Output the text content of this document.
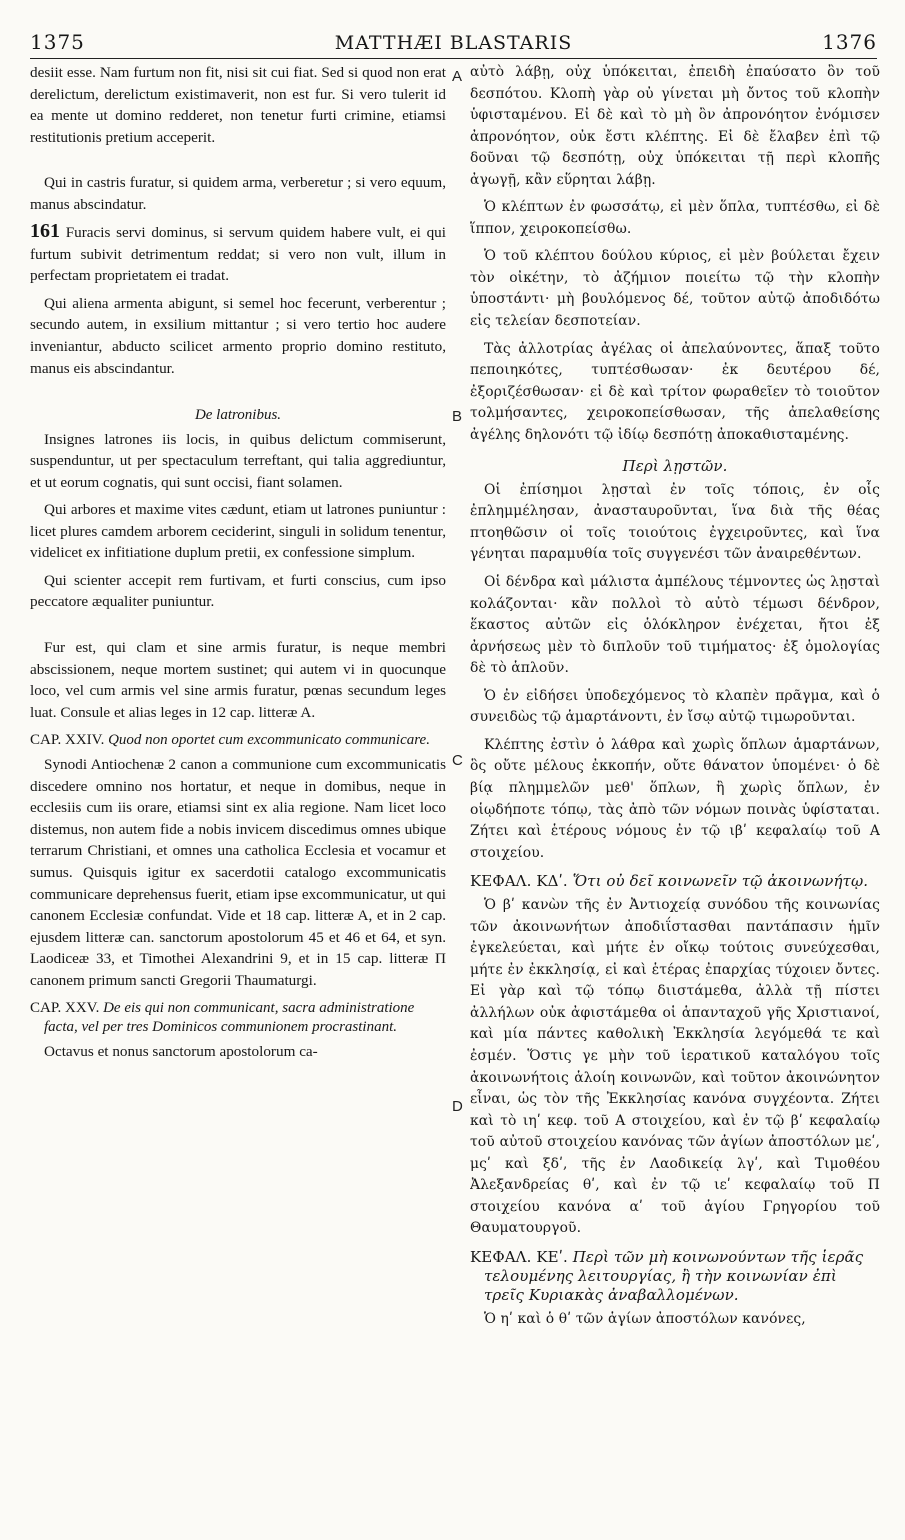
1375	MATTHÆI BLASTARIS	1376
A
B
C
D

desiit esse. Nam furtum non fit, nisi sit cui fiat. Sed si quod non erat derelictum, derelictum existimaverit, non est fur. Si vero tulerit id ea mente ut domino redderet, non tenetur furti crimine, etiamsi restitutionis pretium acceperit.

Qui in castris furatur, si quidem arma, verberetur ; si vero equum, manus abscindatur.

161 Furacis servi dominus, si servum quidem habere vult, ei qui furtum subivit detrimentum reddat; si vero non vult, illum in perfectam proprietatem ei tradat.

Qui aliena armenta abigunt, si semel hoc fecerunt, verberentur ; secundo autem, in exsilium mittantur ; si vero tertio hoc audere inveniantur, abducto scilicet armento proprio domino restituto, manus eis abscindantur.

De latronibus.

Insignes latrones iis locis, in quibus delictum commiserunt, suspenduntur, ut per spectaculum terreftant, qui talia aggrediuntur, et ut eorum cognatis, qui sunt occisi, fiant solamen.

Qui arbores et maxime vites cædunt, etiam ut latrones puniuntur : licet plures camdem arborem ceciderint, singuli in solidum tenentur, videlicet ex infitiatione duplum pretii, ex confessione simplum.

Qui scienter accepit rem furtivam, et furti conscius, cum ipso peccatore æqualiter puniuntur.

Fur est, qui clam et sine armis furatur, is neque membri abscissionem, neque mortem sustinet; qui autem vi in quocunque loco, vel cum armis vel sine armis furatur, pœnas secundum leges luat. Consule et alias leges in 12 cap. litteræ A.

CAP. XXIV. Quod non oportet cum excommunicato communicare.

Synodi Antiochenæ 2 canon a communione cum excommunicatis discedere omnino nos hortatur, et neque in domibus, neque in ecclesiis cum iis orare, etiamsi sint ex alia regione. Nam licet loco distemus, non autem fide a nobis invicem discedimus omnes ubique terrarum Christiani, et omnes una catholica Ecclesia et vocamur et sumus. Quisquis igitur ex sacerdotii catalogo excommunicatis communicare deprehensus fuerit, etiam ipse excommunicatur, ut qui canonem Ecclesiæ confundat. Vide et 18 cap. litteræ A, et in 2 cap. ejusdem litteræ can. sanctorum apostolorum 45 et 46 et 64, et syn. Laodiceæ 33, et Timothei Alexandrini 9, et in 15 cap. litteræ Π canonem primum sancti Gregorii Thaumaturgi.

CAP. XXV. De eis qui non communicant, sacra administratione facta, vel per tres Dominicos communionem procrastinant.

Octavus et nonus sanctorum apostolorum ca-

αὐτὸ λάβῃ, οὐχ ὑπόκειται, ἐπειδὴ ἐπαύσατο ὂν τοῦ δεσπότου. Κλοπὴ γὰρ οὐ γίνεται μὴ ὄντος τοῦ κλοπὴν ὑφισταμένου. Εἰ δὲ καὶ τὸ μὴ ὂν ἀπρονόητον ἐνόμισεν ἀπρονόητον, οὐκ ἔστι κλέπτης. Εἰ δὲ ἔλαβεν ἐπὶ τῷ δοῦναι τῷ δεσπότῃ, οὐχ ὑπόκειται τῇ περὶ κλοπῆς ἀγωγῇ, κἂν εὕρηται λάβῃ.

Ὁ κλέπτων ἐν φωσσάτῳ, εἰ μὲν ὅπλα, τυπτέσθω, εἰ δὲ ἵππον, χειροκοπείσθω.

Ὁ τοῦ κλέπτου δούλου κύριος, εἰ μὲν βούλεται ἔχειν τὸν οἰκέτην, τὸ ἀζήμιον ποιείτω τῷ τὴν κλοπὴν ὑποστάντι· μὴ βουλόμενος δέ, τοῦτον αὐτῷ ἀποδιδότω εἰς τελείαν δεσποτείαν.

Τὰς ἀλλοτρίας ἀγέλας οἱ ἀπελαύνοντες, ἅπαξ τοῦτο πεποιηκότες, τυπτέσθωσαν· ἐκ δευτέρου δέ, ἐξοριζέσθωσαν· εἰ δὲ καὶ τρίτον φωραθεῖεν τὸ τοιοῦτον τολμήσαντες, χειροκοπείσθωσαν, τῆς ἀπελαθείσης ἀγέλης δηλονότι τῷ ἰδίῳ δεσπότῃ ἀποκαθισταμένης.

Περὶ λῃστῶν.

Οἱ ἐπίσημοι λῃσταὶ ἐν τοῖς τόποις, ἐν οἷς ἐπλημμέλησαν, ἀνασταυροῦνται, ἵνα διὰ τῆς θέας πτοηθῶσιν οἱ τοῖς τοιούτοις ἐγχειροῦντες, καὶ ἵνα γένηται παραμυθία τοῖς συγγενέσι τῶν ἀναιρεθέντων.

Οἱ δένδρα καὶ μάλιστα ἀμπέλους τέμνοντες ὡς λῃσταὶ κολάζονται· κἂν πολλοὶ τὸ αὐτὸ τέμωσι δένδρον, ἕκαστος αὐτῶν εἰς ὁλόκληρον ἐνέχεται, ἤτοι ἐξ ἀρνήσεως μὲν τὸ διπλοῦν τοῦ τιμήματος· ἐξ ὁμολογίας δὲ τὸ ἁπλοῦν.

Ὁ ἐν εἰδήσει ὑποδεχόμενος τὸ κλαπὲν πρᾶγμα, καὶ ὁ συνειδὼς τῷ ἁμαρτάνοντι, ἐν ἴσῳ αὐτῷ τιμωροῦνται.

Κλέπτης ἐστὶν ὁ λάθρα καὶ χωρὶς ὅπλων ἁμαρτάνων, ὃς οὔτε μέλους ἐκκοπήν, οὔτε θάνατον ὑπομένει· ὁ δὲ βίᾳ πλημμελῶν μεθ' ὅπλων, ἢ χωρὶς ὅπλων, ἐν οἱῳδήποτε τόπῳ, τὰς ἀπὸ τῶν νόμων ποινὰς ὑφίσταται. Ζήτει καὶ ἑτέρους νόμους ἐν τῷ ιβʹ κεφαλαίῳ τοῦ Α στοιχείου.

ΚΕΦΑΛ. ΚΔʹ. Ὅτι οὐ δεῖ κοινωνεῖν τῷ ἀκοινωνήτῳ.

Ὁ βʹ κανὼν τῆς ἐν Ἀντιοχείᾳ συνόδου τῆς κοινωνίας τῶν ἀκοινωνήτων ἀποδιΐστασθαι παντάπασιν ἡμῖν ἐγκελεύεται, καὶ μήτε ἐν οἴκῳ τούτοις συνεύχεσθαι, μήτε ἐν ἐκκλησίᾳ, εἰ καὶ ἑτέρας ἐπαρχίας τύχοιεν ὄντες. Εἰ γὰρ καὶ τῷ τόπῳ διιστάμεθα, ἀλλὰ τῇ πίστει ἀλλήλων οὐκ ἀφιστάμεθα οἱ ἁπανταχοῦ γῆς Χριστιανοί, καὶ μία πάντες καθολικὴ Ἐκκλησία λεγόμεθά τε καὶ ἐσμέν. Ὅστις γε μὴν τοῦ ἱερατικοῦ καταλόγου τοῖς ἀκοινωνήτοις ἁλοίη κοινωνῶν, καὶ τοῦτον ἀκοινώνητον εἶναι, ὡς τὸν τῆς Ἐκκλησίας κανόνα συγχέοντα. Ζήτει καὶ τὸ ιηʹ κεφ. τοῦ Α στοιχείου, καὶ ἐν τῷ βʹ κεφαλαίῳ τοῦ αὐτοῦ στοιχείου κανόνας τῶν ἁγίων ἀποστόλων μεʹ, μςʹ καὶ ξδʹ, τῆς ἐν Λαοδικείᾳ λγʹ, καὶ Τιμοθέου Ἀλεξανδρείας θʹ, καὶ ἐν τῷ ιεʹ κεφαλαίῳ τοῦ Π στοιχείου κανόνα αʹ τοῦ ἁγίου Γρηγορίου τοῦ Θαυματουργοῦ.

ΚΕΦΑΛ. ΚΕʹ. Περὶ τῶν μὴ κοινωνούντων τῆς ἱερᾶς τελουμένης λειτουργίας, ἢ τὴν κοινωνίαν ἐπὶ τρεῖς Κυριακὰς ἀναβαλλομένων.

Ὁ ηʹ καὶ ὁ θʹ τῶν ἁγίων ἀποστόλων κανόνες,
